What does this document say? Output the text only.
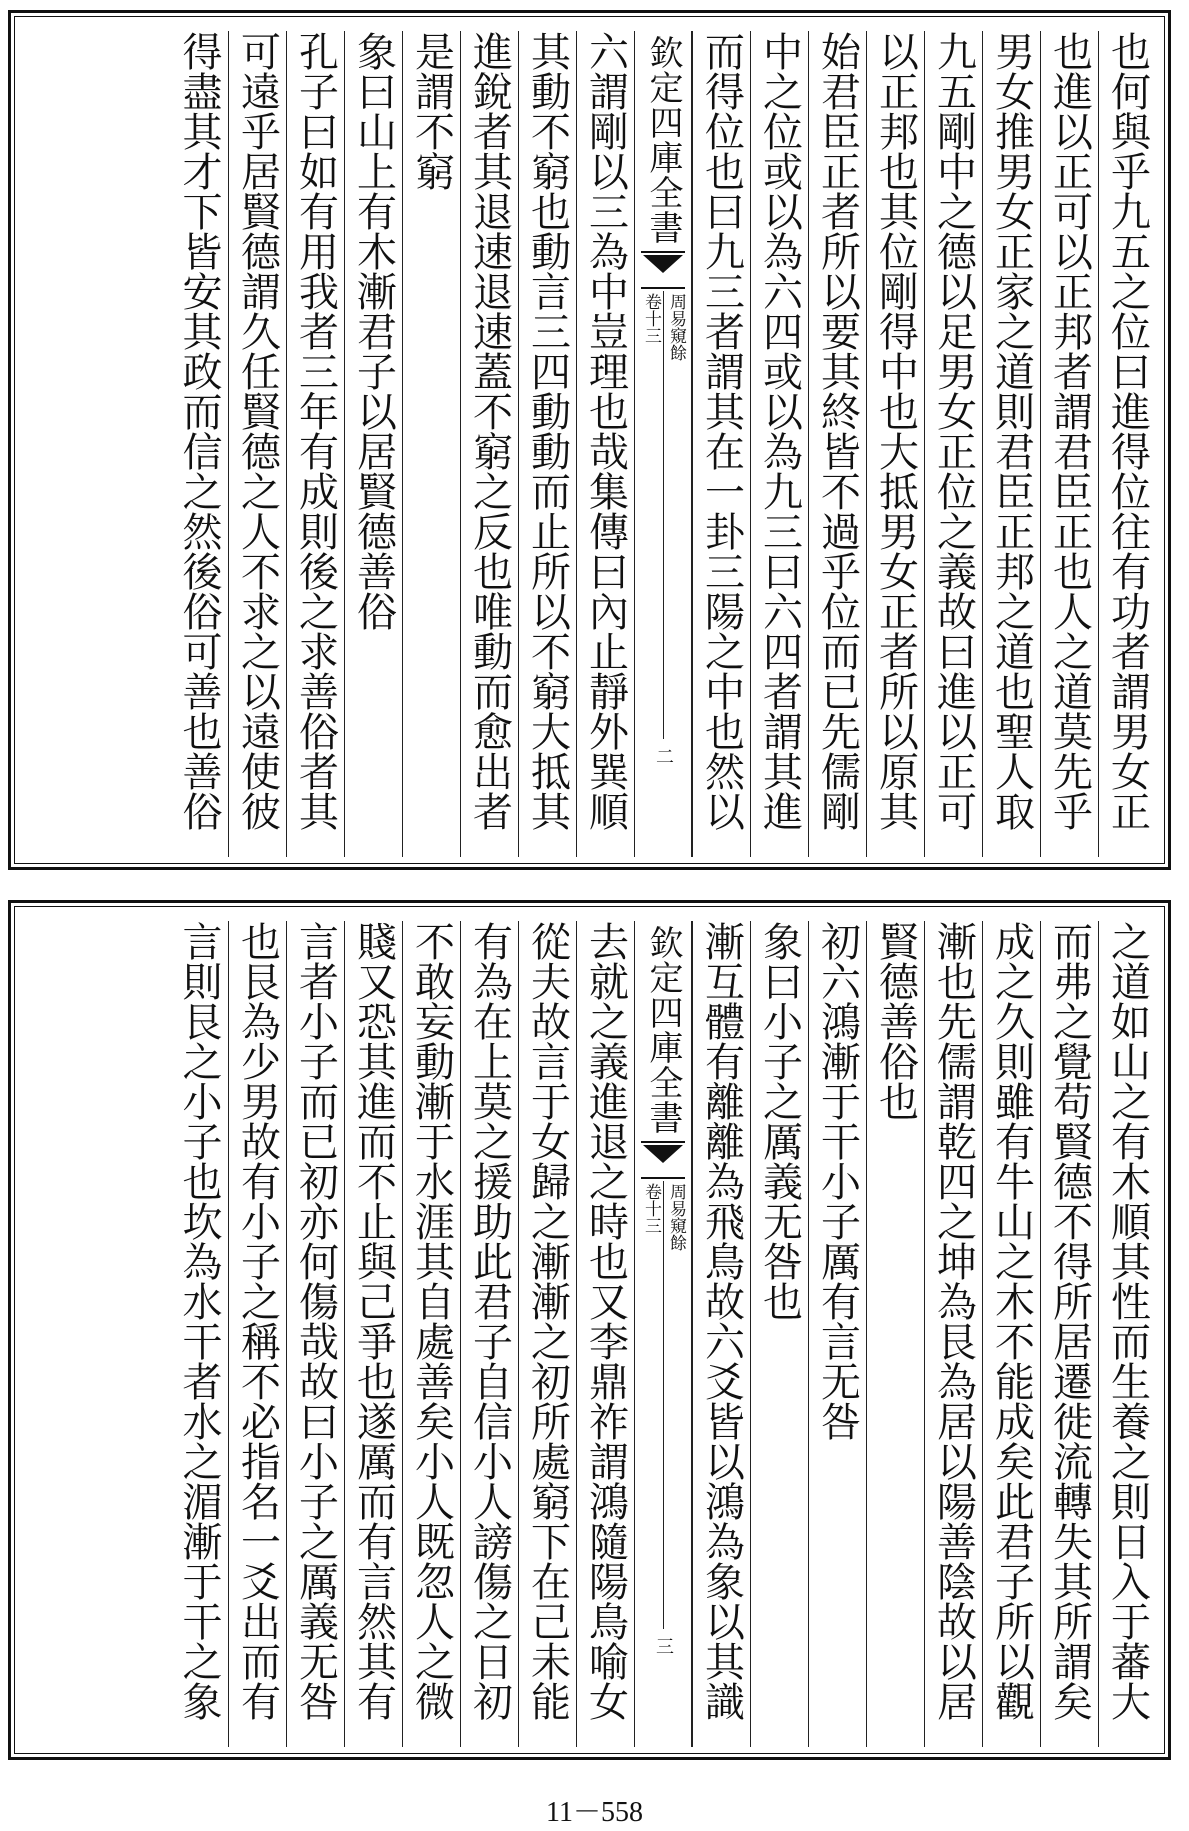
也何與乎九五之位曰進得位往有功者謂男女正
也進以正可以正邦者謂君臣正也人之道莫先乎
男女推男女正家之道則君臣正邦之道也聖人取
九五剛中之德以足男女正位之義故曰進以正可
以正邦也其位剛得中也大抵男女正者所以原其
始君臣正者所以要其終皆不過乎位而已先儒剛
中之位或以為六四或以為九三曰六四者謂其進
而得位也曰九三者謂其在一卦三陽之中也然以
欽定四庫全書
周易窺餘
卷十三
二
六謂剛以三為中豈理也哉集傳曰內止靜外巽順
其動不窮也動言三四動動而止所以不窮大抵其
進銳者其退速退速蓋不窮之反也唯動而愈出者
是謂不窮
象曰山上有木漸君子以居賢德善俗
孔子曰如有用我者三年有成則後之求善俗者其
可遠乎居賢德謂久任賢德之人不求之以遠使彼
得盡其才下皆安其政而信之然後俗可善也善俗
之道如山之有木順其性而生養之則日入于蕃大
而弗之覺苟賢德不得所居遷徙流轉失其所謂矣
成之久則雖有牛山之木不能成矣此君子所以觀
漸也先儒謂乾四之坤為艮為居以陽善陰故以居
賢德善俗也
初六鴻漸于干小子厲有言无咎
象曰小子之厲義无咎也
漸互體有離離為飛鳥故六爻皆以鴻為象以其識
欽定四庫全書
周易窺餘
卷十三
三
去就之義進退之時也又李鼎祚謂鴻隨陽鳥喻女
從夫故言于女歸之漸漸之初所處窮下在己未能
有為在上莫之援助此君子自信小人謗傷之日初
不敢妄動漸于水涯其自處善矣小人既忽人之微
賤又恐其進而不止與己爭也遂厲而有言然其有
言者小子而已初亦何傷哉故曰小子之厲義无咎
也艮為少男故有小子之稱不必指名一爻出而有
言則艮之小子也坎為水干者水之湄漸于干之象
11－558
